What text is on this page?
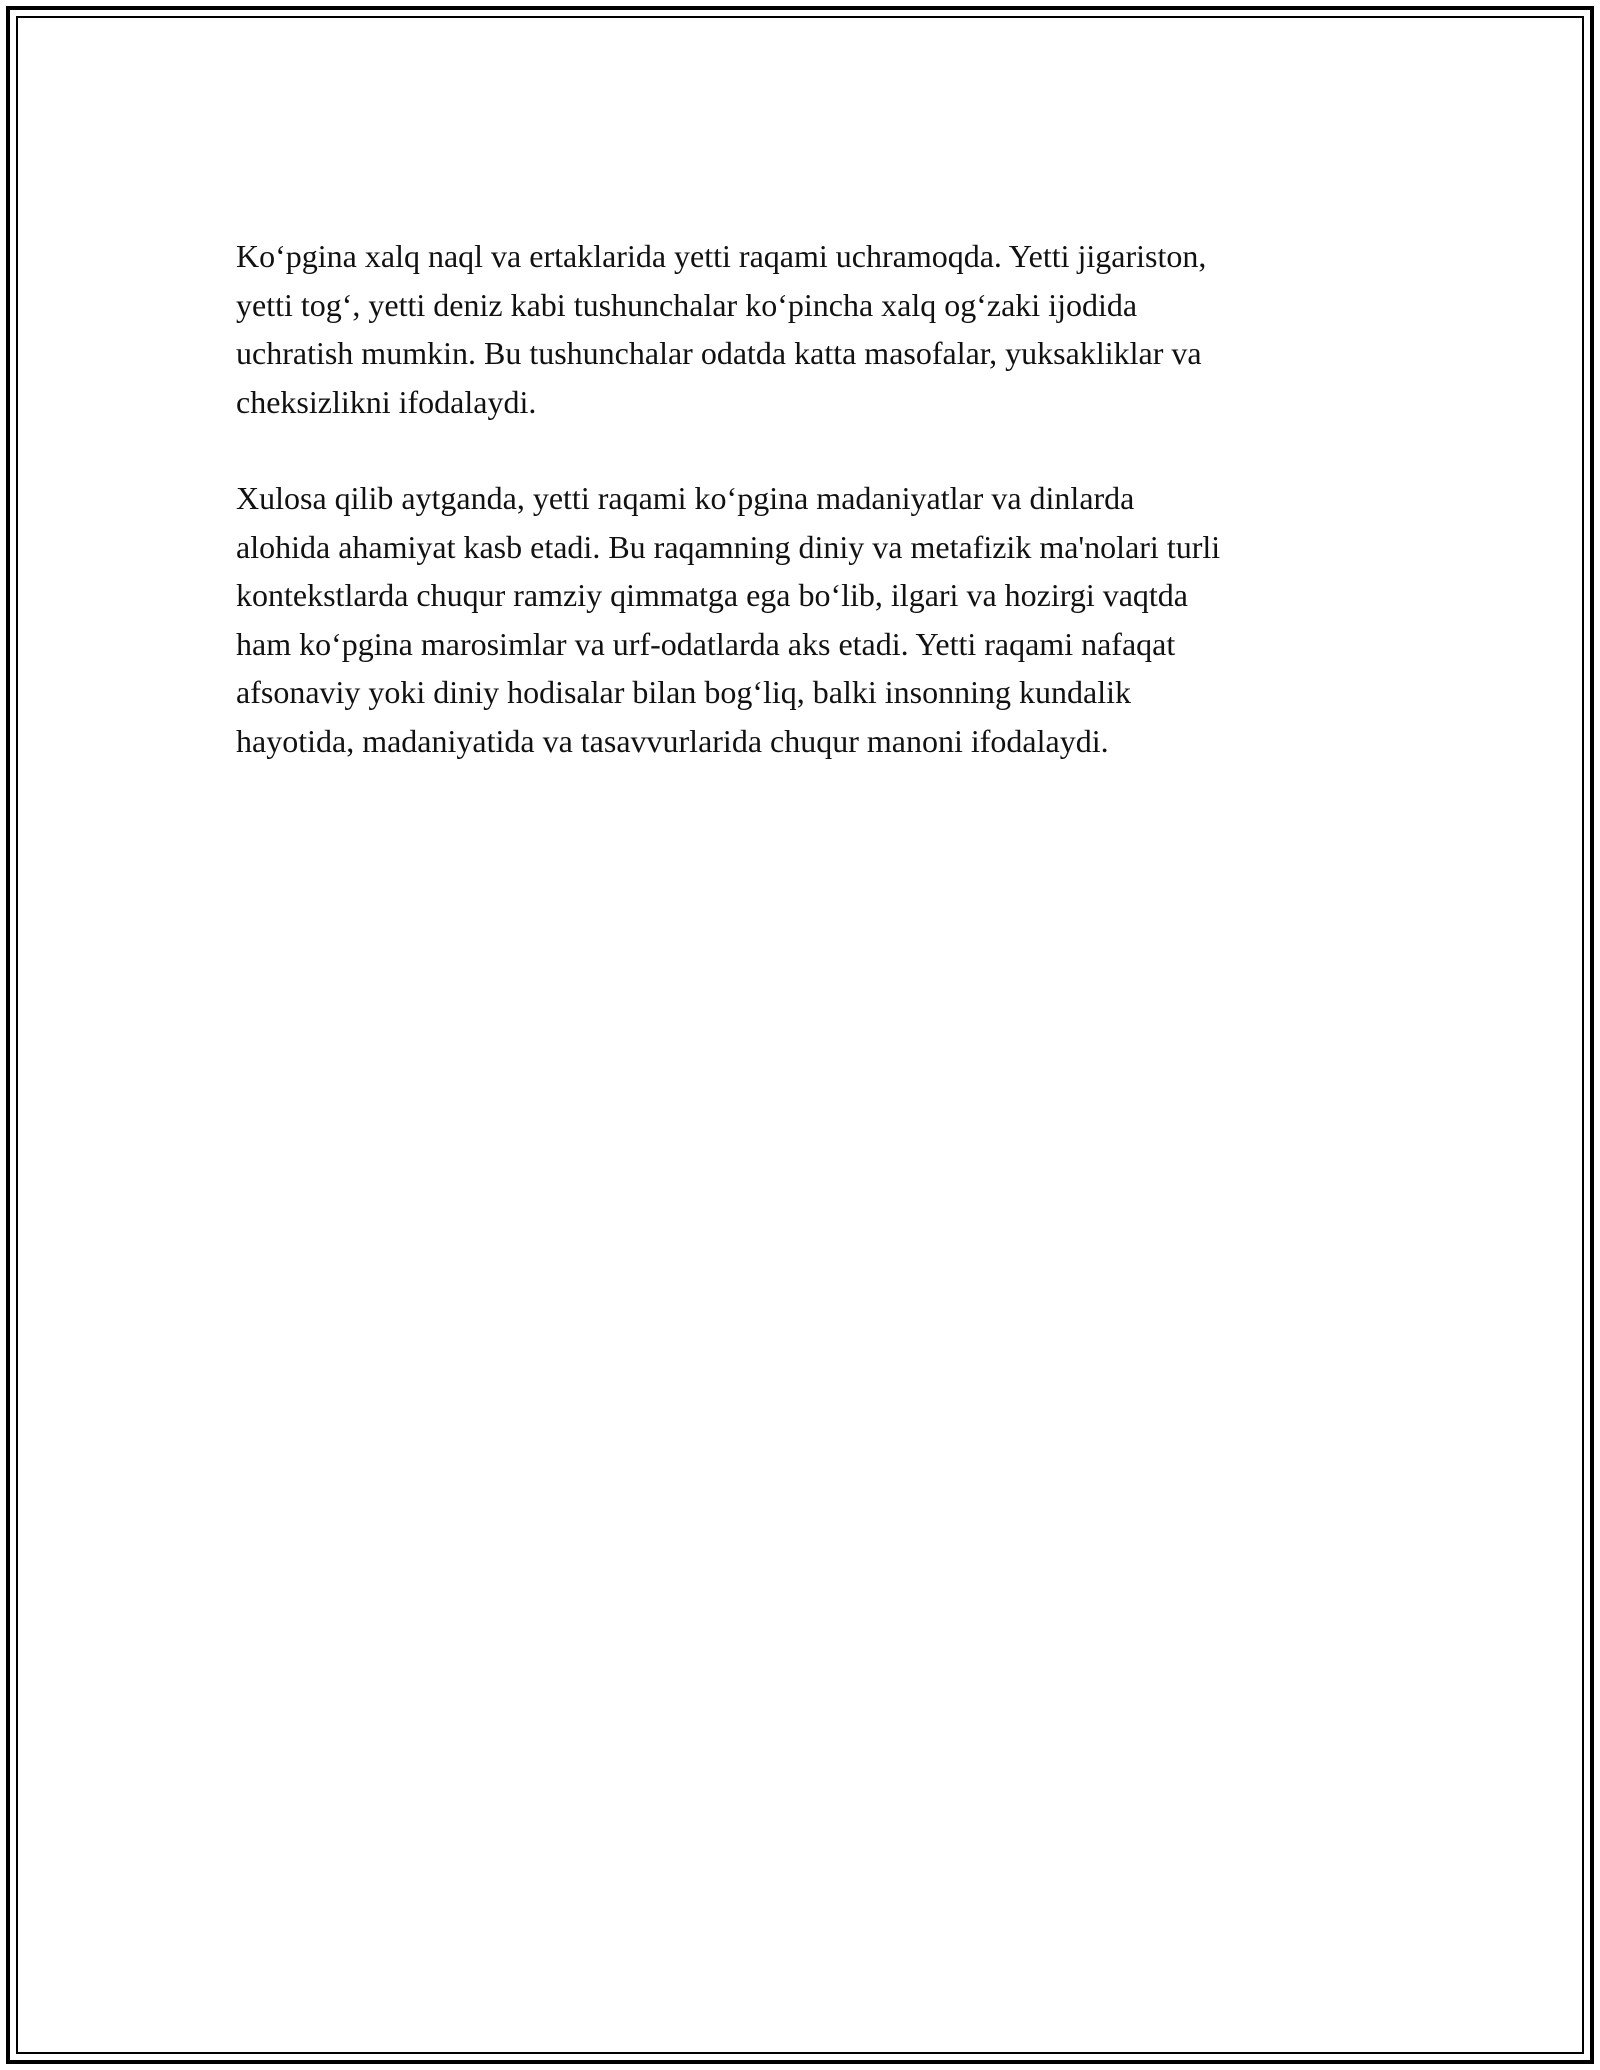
Ko‘pgina xalq naql va ertaklarida yetti raqami uchramoqda. Yetti jigariston,
yetti tog‘, yetti deniz kabi tushunchalar ko‘pincha xalq og‘zaki ijodida
uchratish mumkin. Bu tushunchalar odatda katta masofalar, yuksakliklar va
cheksizlikni ifodalaydi.

Xulosa qilib aytganda, yetti raqami ko‘pgina madaniyatlar va dinlarda
alohida ahamiyat kasb etadi. Bu raqamning diniy va metafizik ma'nolari turli
kontekstlarda chuqur ramziy qimmatga ega bo‘lib, ilgari va hozirgi vaqtda
ham ko‘pgina marosimlar va urf-odatlarda aks etadi. Yetti raqami nafaqat
afsonaviy yoki diniy hodisalar bilan bog‘liq, balki insonning kundalik
hayotida, madaniyatida va tasavvurlarida chuqur manoni ifodalaydi.
